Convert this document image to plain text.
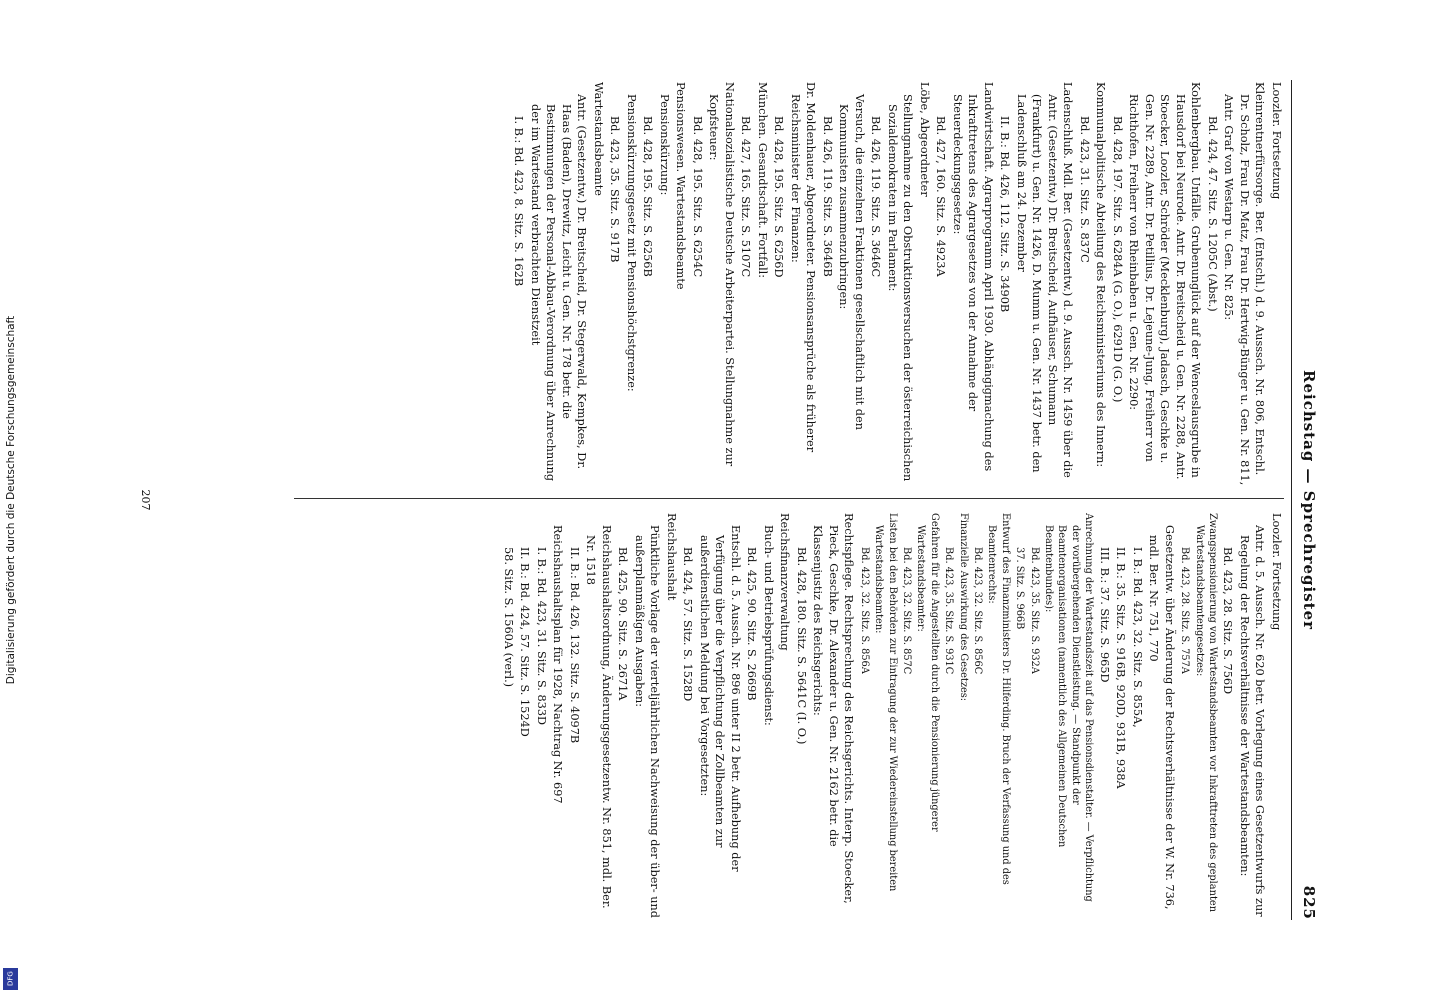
Digitalisierung gefördert durch die Deutsche Forschungsgemeinschaft
DFG
Reichstag — Sprechregister
825
Loozler. Fortsetzung
Kleinrentnerfürsorge. Ber. (Entschl.) d. 9. Ausssch. Nr. 806, Entschl. Dr. Scholz, Frau Dr. Matz, Frau Dr. Hertwig-Bünger u. Gen. Nr. 811, Antr. Graf von Westarp u. Gen. Nr. 825:
Bd. 424, 47. Sitz. S. 1205C (Abst.)
Kohlenbergbau. Unfälle. Grubenunglück auf der Wenceslausgrube in Hausdorf bei Neurode. Antr. Dr. Breitscheid u. Gen. Nr. 2288, Antr. Stoecker, Loozler, Schröder (Mecklenburg), Jadasch, Geschke u. Gen. Nr. 2289, Antr. Dr. Petillius, Dr. Lejeune-Jung, Freiherr von Richthofen, Freiherr von Rheinbaben u. Gen. Nr. 2290:
Bd. 428, 197. Sitz. S. 6284A (G. O.), 6291D (G. O.)
Kommunalpolitische Abteilung des Reichsministeriums des Innern:
Bd. 423, 31. Sitz. S. 837C
Ladenschluß. Mdl. Ber. (Gesetzentw.) d. 9. Aussch. Nr. 1459 über die Antr. (Gesetzentw.) Dr. Breitscheid, Aufhäuser, Schumann (Frankfurt) u. Gen. Nr. 1426, D. Mumm u. Gen. Nr. 1437 betr. den Ladenschluß am 24. Dezember
II. B.: Bd. 426, 112. Sitz. S. 3490B
Landwirtschaft. Agrarprogramm April 1930. Abhängigmachung des Inkrafttretens des Agrargesetzes von der Annahme der Steuerdeckungsgesetze:
Bd. 427, 160. Sitz. S. 4923A
Löbe, Abgeordneter
Stellungnahme zu den Obstruktionsversuchen der österreichischen Sozialdemokraten im Parlament:
Bd. 426, 119. Sitz. S. 3646C
Versuch, die einzelnen Fraktionen gesellschaftlich mit den Kommunisten zusammenzubringen:
Bd. 426, 119. Sitz. S. 3646B
Dr. Moldenhauer, Abgeordneter. Pensionsansprüche als früherer Reichsminister der Finanzen:
Bd. 428, 195. Sitz. S. 6256D
München. Gesandtschaft. Fortfall:
Bd. 427, 165. Sitz. S. 5107C
Nationalsozialistische Deutsche Arbeiterpartei. Stellungnahme zur Kopfsteuer:
Bd. 428, 195. Sitz. S. 6254C
Pensionswesen. Wartestandsbeamte
Pensionskürzung:
Bd. 428, 195. Sitz. S. 6256B
Pensionskürzungsgesetz mit Pensionshöchstgrenze:
Bd. 423, 35. Sitz. S. 917B
Wartestandsbeamte
Antr. (Gesetzentw.) Dr. Breitscheid, Dr. Stegerwald, Kempkes, Dr. Haas (Baden), Drewitz, Leicht u. Gen. Nr. 178 betr. die Bestimmungen der Personal-Abbau-Verordnung über Anrechnung der im Wartestand verbrachten Dienstzeit
I. B.: Bd. 423, 8. Sitz. S. 162B
Loozler. Fortsetzung
Antr. d. 5. Aussch. Nr. 620 betr. Vorlegung eines Gesetzentwurfs zur Regelung der Rechtsverhältnisse der Wartestandsbeamten:
Bd. 423, 28. Sitz. S. 756D
Zwangspensionierung von Wartestandsbeamten vor Inkrafttreten des geplanten Wartestandsbeamtengesetzes:
Bd. 423, 28. Sitz. S. 757A
Gesetzentw. über Änderung der Rechtsverhältnisse der W. Nr. 736, mdl. Ber. Nr. 751, 770
I. B.: Bd. 423, 32. Sitz. S. 855A,
II. B.: 35. Sitz. S. 916B, 920D, 931B, 938A
III. B.: 37. Sitz. S. 965D
Anrechnung der Wartestandszeit auf das Pensionsdienstalter. — Verpflichtung der vorübergehenden Dienstleistung. — Standpunkt der Beamtenorganisationen (namentlich des Allgemeinen Deutschen Beamtenbundes):
Bd. 423, 35. Sitz. S. 932A
37. Sitz. S. 966B
Entwurf des Finanzministers Dr. Hilferding. Bruch der Verfassung und des Beamtenrechts:
Bd. 423, 32. Sitz. S. 856C
Finanzielle Auswirkung des Gesetzes:
Bd. 423, 35. Sitz. S. 931C
Gefahren für die Angestellten durch die Pensionierung jüngerer Wartestandsbeamter:
Bd. 423, 32. Sitz. S. 857C
Listen bei den Behörden zur Eintragung der zur Wiedereinstellung bereiten Wartestandsbeamten:
Bd. 423, 32. Sitz. S. 856A
Rechtspflege. Rechtsprechung des Reichsgerichts. Interp. Stoecker, Pieck, Geschke, Dr. Alexander u. Gen. Nr. 2162 betr. die Klassenjustiz des Reichsgerichts:
Bd. 428, 180. Sitz. S. 5641C (I. O.)
Reichsfinanzverwaltung
Buch- und Betriebsprüfungsdienst:
Bd. 425, 90. Sitz. S. 2669B
Entschl. d. 5. Aussch. Nr. 896 unter II 2 betr. Aufhebung der Verfügung über die Verpflichtung der Zollbeamten zur außerdienstlichen Meldung bei Vorgesetzten:
Bd. 424, 57. Sitz. S. 1528D
Reichshaushalt
Pünktliche Vorlage der vierteljährlichen Nachweisung der über- und außerplanmäßigen Ausgaben:
Bd. 425, 90. Sitz. S. 2671A
Reichshaushaltsordnung, Änderungsgesetzentw. Nr. 851, mdl. Ber. Nr. 1518
II. B.: Bd. 426, 132. Sitz. S. 4097B
Reichshaushaltsplan für 1928, Nachtrag Nr. 697
I. B.: Bd. 423, 31. Sitz. S. 833D
II. B.: Bd. 424, 57. Sitz. S. 1524D
58. Sitz. S. 1560A (verl.)
207
